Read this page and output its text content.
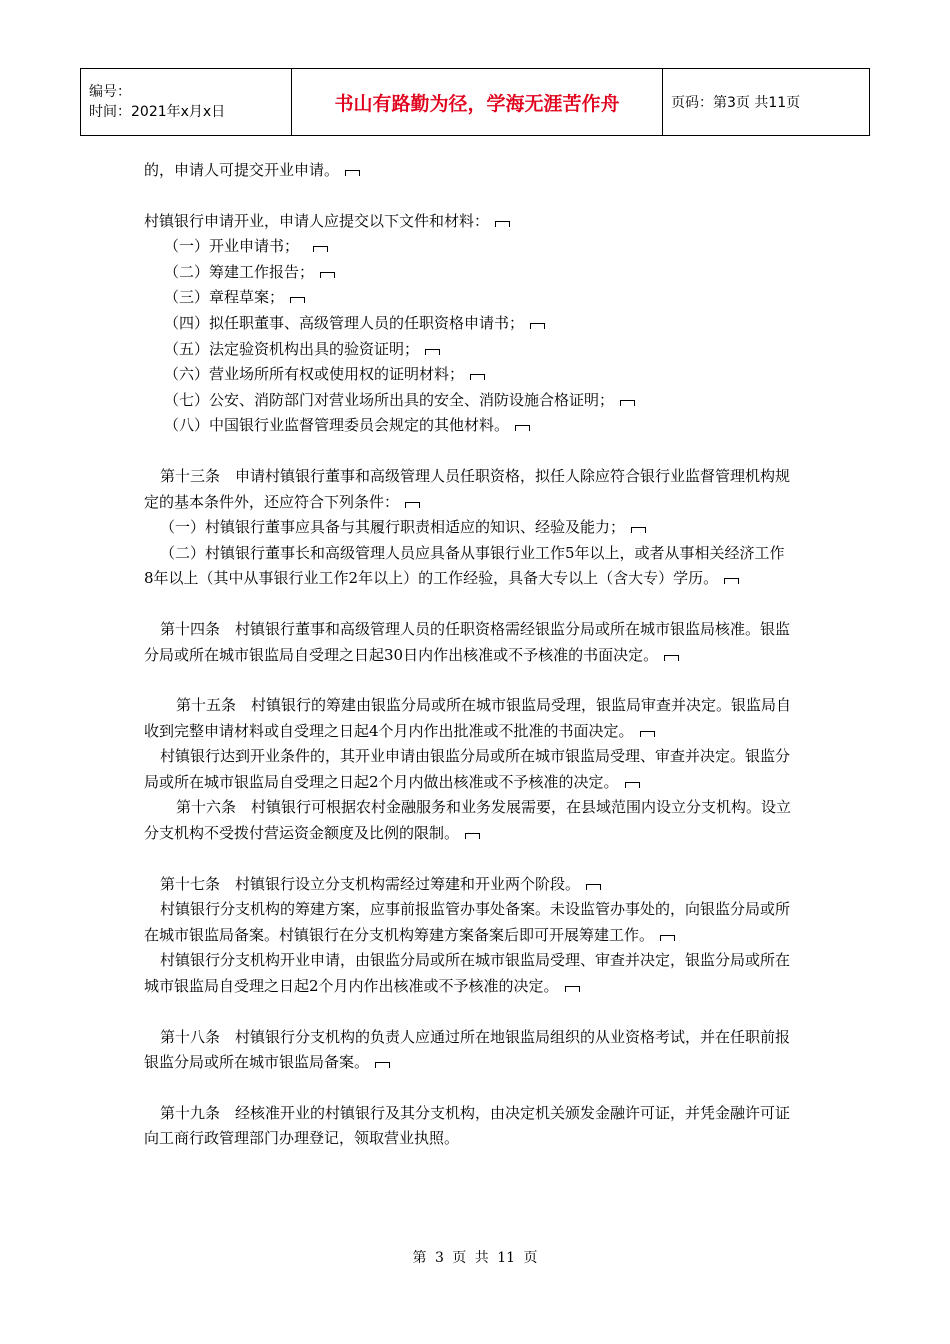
编号：
时间：2021年x月x日	书山有路勤为径，学海无涯苦作舟	页码：第3页 共11页

的，申请人可提交开业申请。

村镇银行申请开业，申请人应提交以下文件和材料：

（一）开业申请书；　

（二）筹建工作报告；

（三）章程草案；

（四）拟任职董事、高级管理人员的任职资格申请书；

（五）法定验资机构出具的验资证明；

（六）营业场所所有权或使用权的证明材料；

（七）公安、消防部门对营业场所出具的安全、消防设施合格证明；

（八）中国银行业监督管理委员会规定的其他材料。

第十三条　申请村镇银行董事和高级管理人员任职资格，拟任人除应符合银行业监督管理机构规定的基本条件外，还应符合下列条件：

（一）村镇银行董事应具备与其履行职责相适应的知识、经验及能力；

（二）村镇银行董事长和高级管理人员应具备从事银行业工作5年以上，或者从事相关经济工作8年以上（其中从事银行业工作2年以上）的工作经验，具备大专以上（含大专）学历。

第十四条　村镇银行董事和高级管理人员的任职资格需经银监分局或所在城市银监局核准。银监分局或所在城市银监局自受理之日起30日内作出核准或不予核准的书面决定。

第十五条　村镇银行的筹建由银监分局或所在城市银监局受理，银监局审查并决定。银监局自收到完整申请材料或自受理之日起4个月内作出批准或不批准的书面决定。

村镇银行达到开业条件的，其开业申请由银监分局或所在城市银监局受理、审查并决定。银监分局或所在城市银监局自受理之日起2个月内做出核准或不予核准的决定。

第十六条　村镇银行可根据农村金融服务和业务发展需要，在县域范围内设立分支机构。设立分支机构不受拨付营运资金额度及比例的限制。

第十七条　村镇银行设立分支机构需经过筹建和开业两个阶段。

村镇银行分支机构的筹建方案，应事前报监管办事处备案。未设监管办事处的，向银监分局或所在城市银监局备案。村镇银行在分支机构筹建方案备案后即可开展筹建工作。

村镇银行分支机构开业申请，由银监分局或所在城市银监局受理、审查并决定，银监分局或所在城市银监局自受理之日起2个月内作出核准或不予核准的决定。

第十八条　村镇银行分支机构的负责人应通过所在地银监局组织的从业资格考试，并在任职前报银监分局或所在城市银监局备案。

第十九条　经核准开业的村镇银行及其分支机构，由决定机关颁发金融许可证，并凭金融许可证向工商行政管理部门办理登记，领取营业执照。

第 3 页 共 11 页
